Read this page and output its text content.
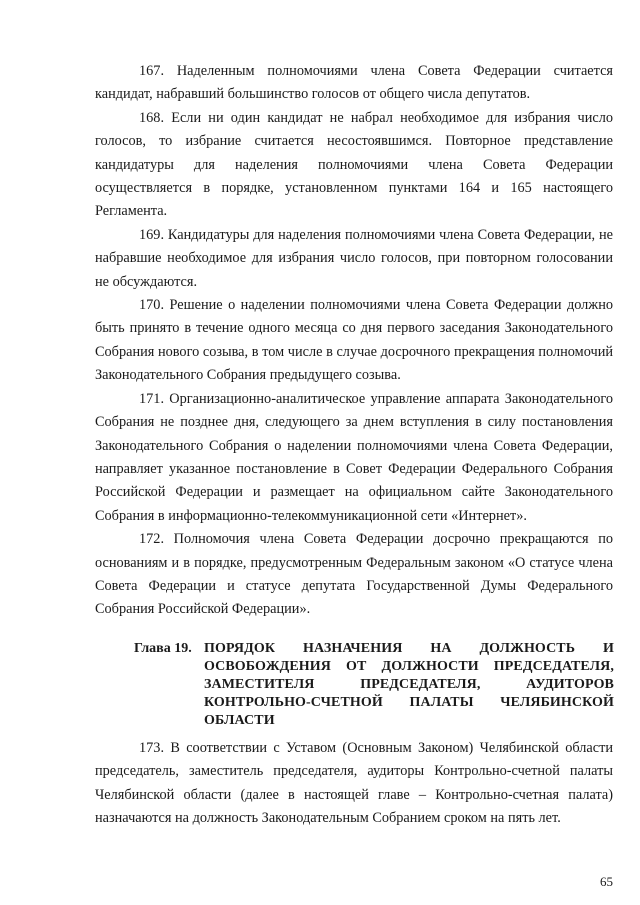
167. Наделенным полномочиями члена Совета Федерации считается кандидат, набравший большинство голосов от общего числа депутатов.

168. Если ни один кандидат не набрал необходимое для избрания число голосов, то избрание считается несостоявшимся. Повторное представление кандидатуры для наделения полномочиями члена Совета Федерации осуществляется в порядке, установленном пунктами 164 и 165 настоящего Регламента.

169. Кандидатуры для наделения полномочиями члена Совета Федерации, не набравшие необходимое для избрания число голосов, при повторном голосовании не обсуждаются.

170. Решение о наделении полномочиями члена Совета Федерации должно быть принято в течение одного месяца со дня первого заседания Законодательного Собрания нового созыва, в том числе в случае досрочного прекращения полномочий Законодательного Собрания предыдущего созыва.

171. Организационно-аналитическое управление аппарата Законодательного Собрания не позднее дня, следующего за днем вступления в силу постановления Законодательного Собрания о наделении полномочиями члена Совета Федерации, направляет указанное постановление в Совет Федерации Федерального Собрания Российской Федерации и размещает на официальном сайте Законодательного Собрания в информационно-телекоммуникационной сети «Интернет».

172. Полномочия члена Совета Федерации досрочно прекращаются по основаниям и в порядке, предусмотренным Федеральным законом «О статусе члена Совета Федерации и статусе депутата Государственной Думы Федерального Собрания Российской Федерации».

Глава 19. ПОРЯДОК НАЗНАЧЕНИЯ НА ДОЛЖНОСТЬ И ОСВОБОЖДЕНИЯ ОТ ДОЛЖНОСТИ ПРЕДСЕДАТЕЛЯ, ЗАМЕСТИТЕЛЯ ПРЕДСЕДАТЕЛЯ, АУДИТОРОВ КОНТРОЛЬНО-СЧЕТНОЙ ПАЛАТЫ ЧЕЛЯБИНСКОЙ ОБЛАСТИ

173. В соответствии с Уставом (Основным Законом) Челябинской области председатель, заместитель председателя, аудиторы Контрольно-счетной палаты Челябинской области (далее в настоящей главе – Контрольно-счетная палата) назначаются на должность Законодательным Собранием сроком на пять лет.

65
